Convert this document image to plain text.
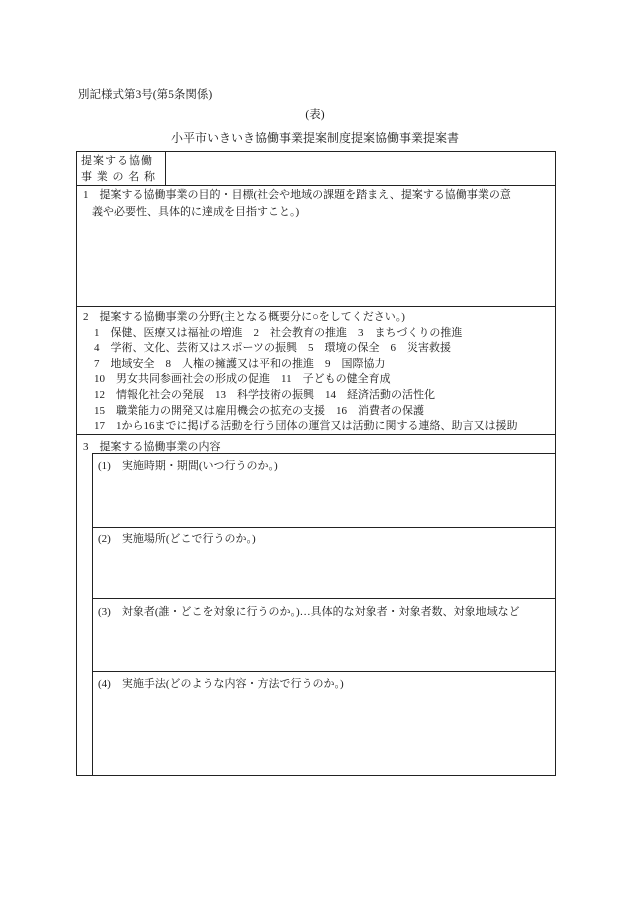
別記様式第3号(第5条関係)
(表)
小平市いきいき協働事業提案制度提案協働事業提案書
提案する協働
事 業 の 名 称
1　提案する協働事業の目的・目標(社会や地域の課題を踏まえ、提案する協働事業の意
義や必要性、具体的に達成を目指すこと。)
2　提案する協働事業の分野(主となる概要分に○をしてください。)
1　保健、医療又は福祉の増進　2　社会教育の推進　3　まちづくりの推進
4　学術、文化、芸術又はスポーツの振興　5　環境の保全　6　災害救援
7　地域安全　8　人権の擁護又は平和の推進　9　国際協力
10　男女共同参画社会の形成の促進　11　子どもの健全育成
12　情報化社会の発展　13　科学技術の振興　14　経済活動の活性化
15　職業能力の開発又は雇用機会の拡充の支援　16　消費者の保護
17　1から16までに掲げる活動を行う団体の運営又は活動に関する連絡、助言又は援助
3　提案する協働事業の内容
(1)　実施時期・期間(いつ行うのか。)
(2)　実施場所(どこで行うのか。)
(3)　対象者(誰・どこを対象に行うのか。)…具体的な対象者・対象者数、対象地域など
(4)　実施手法(どのような内容・方法で行うのか。)
